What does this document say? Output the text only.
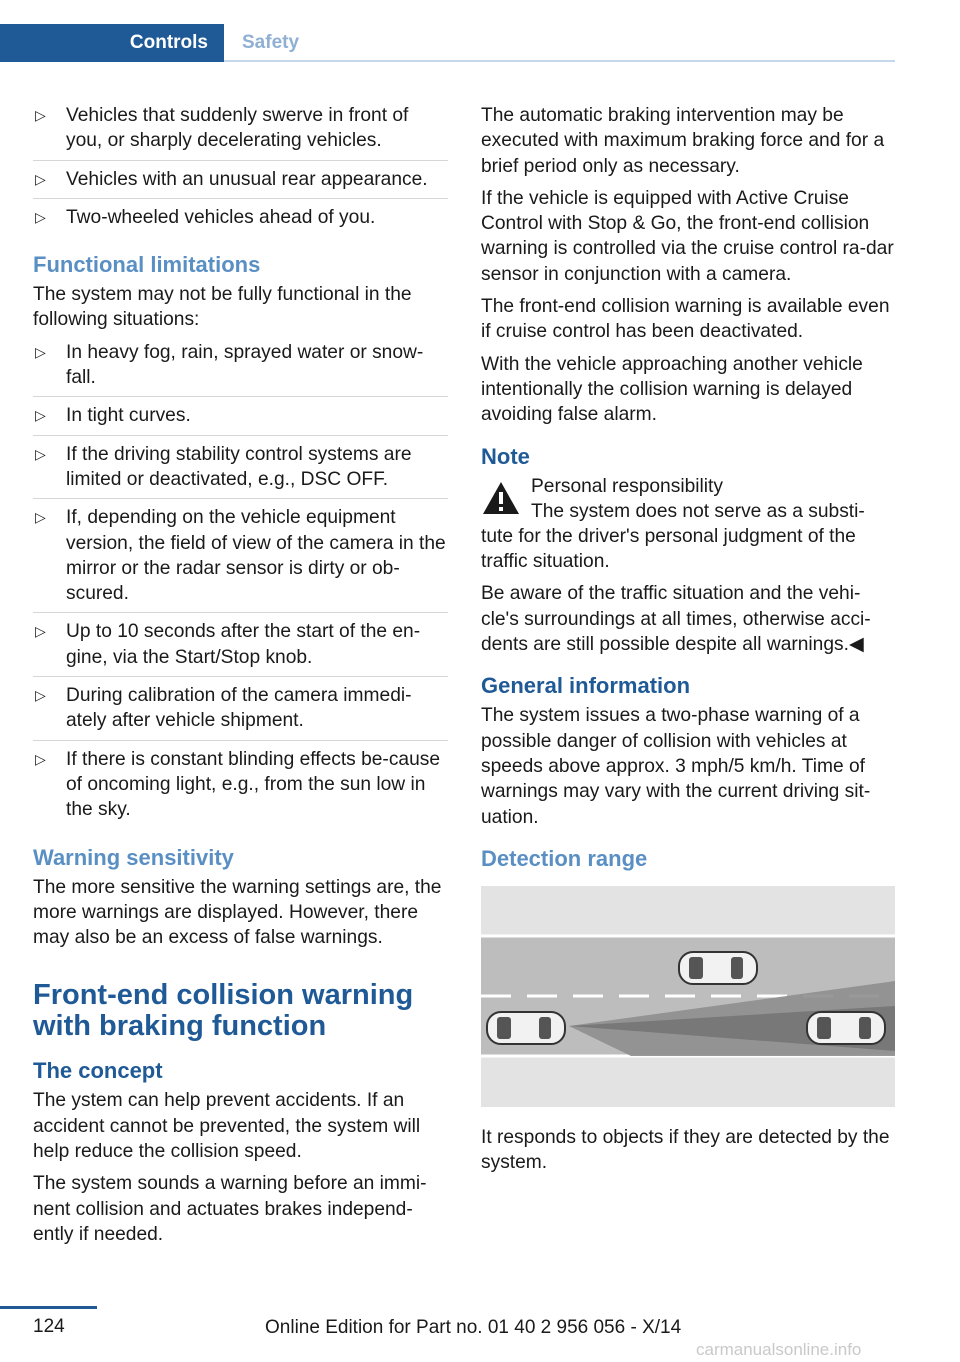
Controls Safety
▷ Vehicles that suddenly swerve in front of you, or sharply decelerating vehicles.
▷ Vehicles with an unusual rear appearance.
▷ Two-wheeled vehicles ahead of you.
Functional limitations

The system may not be fully functional in the following situations:

▷ In heavy fog, rain, sprayed water or snow-fall.
▷ In tight curves.
▷ If the driving stability control systems are limited or deactivated, e.g., DSC OFF.
▷ If, depending on the vehicle equipment version, the field of view of the camera in the mirror or the radar sensor is dirty or ob-scured.
▷ Up to 10 seconds after the start of the en-gine, via the Start/Stop knob.
▷ During calibration of the camera immedi-ately after vehicle shipment.
▷ If there is constant blinding effects be-cause of oncoming light, e.g., from the sun low in the sky.
Warning sensitivity

The more sensitive the warning settings are, the more warnings are displayed. However, there may also be an excess of false warnings.

Front-end collision warning with braking function
The concept

The ystem can help prevent accidents. If an accident cannot be prevented, the system will help reduce the collision speed.

The system sounds a warning before an immi-nent collision and actuates brakes independ-ently if needed.

The automatic braking intervention may be executed with maximum braking force and for a brief period only as necessary.

If the vehicle is equipped with Active Cruise Control with Stop & Go, the front-end collision warning is controlled via the cruise control ra-dar sensor in conjunction with a camera.

The front-end collision warning is available even if cruise control has been deactivated.

With the vehicle approaching another vehicle intentionally the collision warning is delayed avoiding false alarm.

Note

Personal responsibility

The system does not serve as a substi-tute for the driver's personal judgment of the traffic situation.

Be aware of the traffic situation and the vehi-cle's surroundings at all times, otherwise acci-dents are still possible despite all warnings.◀

General information

The system issues a two-phase warning of a possible danger of collision with vehicles at speeds above approx. 3 mph/5 km/h. Time of warnings may vary with the current driving sit-uation.

Detection range

It responds to objects if they are detected by the system.

124	Online Edition for Part no. 01 40 2 956 056 - X/14
carmanualsonline.info
